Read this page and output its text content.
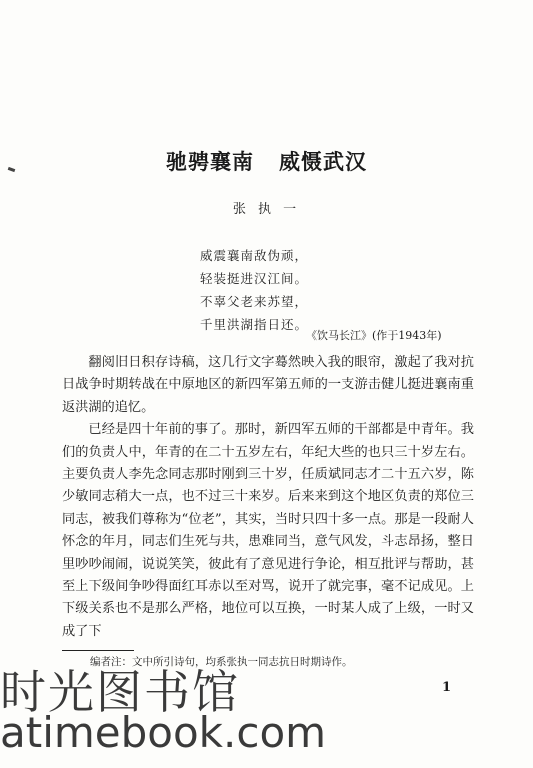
驰骋襄南   威慑武汉
张 执 一
威震襄南敌伪顽，
轻装挺进汉江间。
不辜父老来苏望，
千里洪湖指日还。
《饮马长江》(作于1943年)

翻阅旧日积存诗稿，这几行文字蓦然映入我的眼帘，激起了我对抗日战争时期转战在中原地区的新四军第五师的一支游击健儿挺进襄南重返洪湖的追忆。

已经是四十年前的事了。那时，新四军五师的干部都是中青年。我们的负责人中，年青的在二十五岁左右，年纪大些的也只三十岁左右。主要负责人李先念同志那时刚到三十岁，任质斌同志才二十五六岁，陈少敏同志稍大一点，也不过三十来岁。后来来到这个地区负责的郑位三同志，被我们尊称为“位老”，其实，当时只四十多一点。那是一段耐人怀念的年月，同志们生死与共，患难同当，意气风发，斗志昂扬，整日里吵吵闹闹，说说笑笑，彼此有了意见进行争论，相互批评与帮助，甚至上下级间争吵得面红耳赤以至对骂，说开了就完事，毫不记成见。上下级关系也不是那么严格，地位可以互换，一时某人成了上级，一时又成了下

编者注：文中所引诗句，均系张执一同志抗日时期诗作。
1
时光图书馆
atimebook.com
